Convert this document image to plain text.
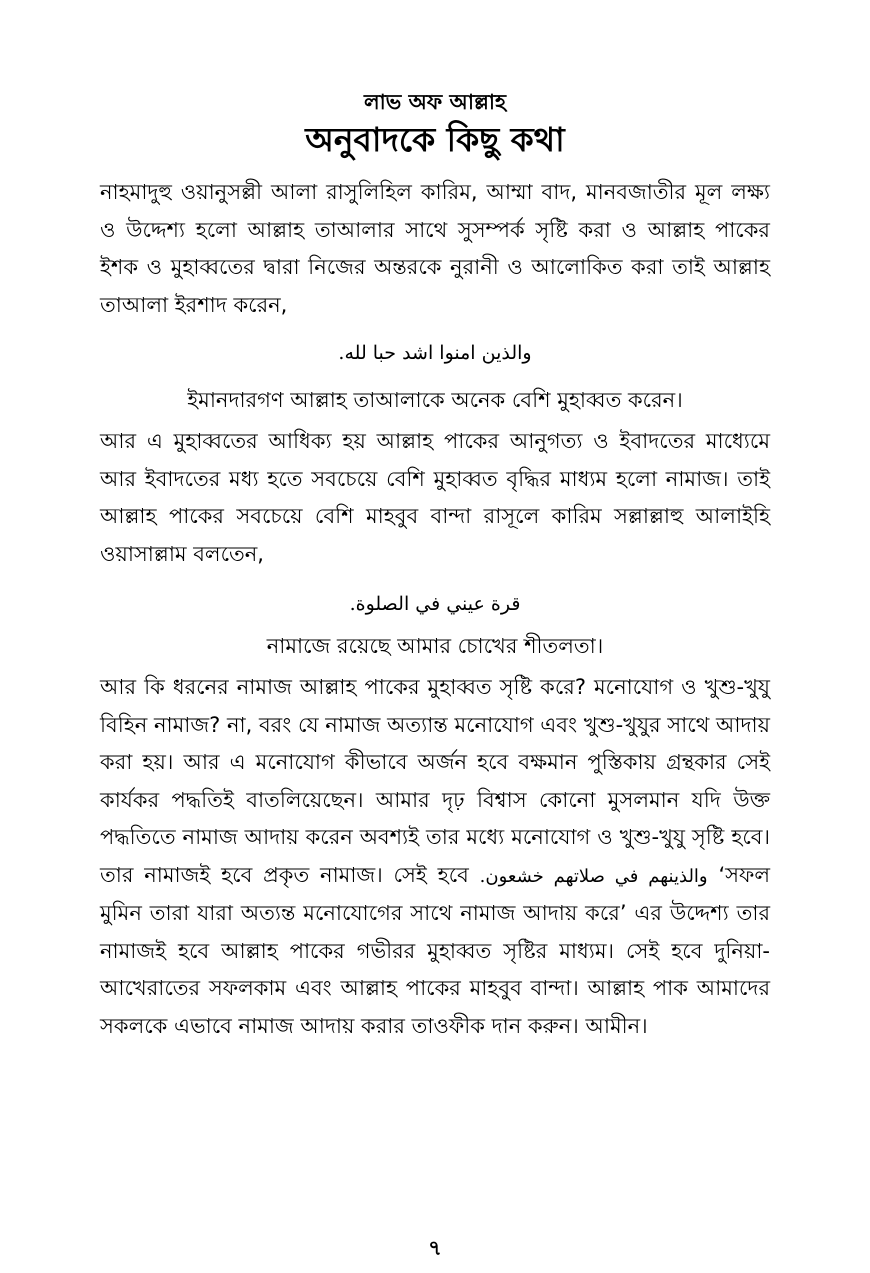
লাভ অফ আল্লাহ
অনুবাদকে কিছু কথা

নাহমাদুহু ওয়ানুসল্লী আলা রাসুলিহিল কারিম, আম্মা বাদ, মানবজাতীর মূল লক্ষ্য ও উদ্দেশ্য হলো আল্লাহ তাআলার সাথে সুসম্পর্ক সৃষ্টি করা ও আল্লাহ পাকের ইশক ও মুহাব্বতের দ্বারা নিজের অন্তরকে নুরানী ও আলোকিত করা তাই আল্লাহ তাআলা ইরশাদ করেন,

والذين امنوا اشد حبا لله.
ইমানদারগণ আল্লাহ তাআলাকে অনেক বেশি মুহাব্বত করেন।

আর এ মুহাব্বতের আধিক্য হয় আল্লাহ পাকের আনুগত্য ও ইবাদতের মাধ্যেমে আর ইবাদতের মধ্য হতে সবচেয়ে বেশি মুহাব্বত বৃদ্ধির মাধ্যম হলো নামাজ। তাই আল্লাহ পাকের সবচেয়ে বেশি মাহবুব বান্দা রাসূলে কারিম সল্লাল্লাহু আলাইহি ওয়াসাল্লাম বলতেন,

قرة عيني في الصلوة.
নামাজে রয়েছে আমার চোখের শীতলতা।

আর কি ধরনের নামাজ আল্লাহ পাকের মুহাব্বত সৃষ্টি করে? মনোযোগ ও খুশু-খুযু বিহিন নামাজ? না, বরং যে নামাজ অত্যান্ত মনোযোগ এবং খুশু-খুযুর সাথে আদায় করা হয়। আর এ মনোযোগ কীভাবে অর্জন হবে বক্ষমান পুস্তিকায় গ্রন্থকার সেই কার্যকর পদ্ধতিই বাতলিয়েছেন। আমার দৃঢ় বিশ্বাস কোনো মুসলমান যদি উক্ত পদ্ধতিতে নামাজ আদায় করেন অবশ্যই তার মধ্যে মনোযোগ ও খুশু-খুযু সৃষ্টি হবে। তার নামাজই হবে প্রকৃত নামাজ। সেই হবে والذينهم في صلاتهم خشعون. ‘সফল মুমিন তারা যারা অত্যন্ত মনোযোগের সাথে নামাজ আদায় করে’ এর উদ্দেশ্য তার নামাজই হবে আল্লাহ পাকের গভীরর মুহাব্বত সৃষ্টির মাধ্যম। সেই হবে দুনিয়া-আখেরাতের সফলকাম এবং আল্লাহ পাকের মাহবুব বান্দা। আল্লাহ পাক আমাদের সকলকে এভাবে নামাজ আদায় করার তাওফীক দান করুন। আমীন।

৭
